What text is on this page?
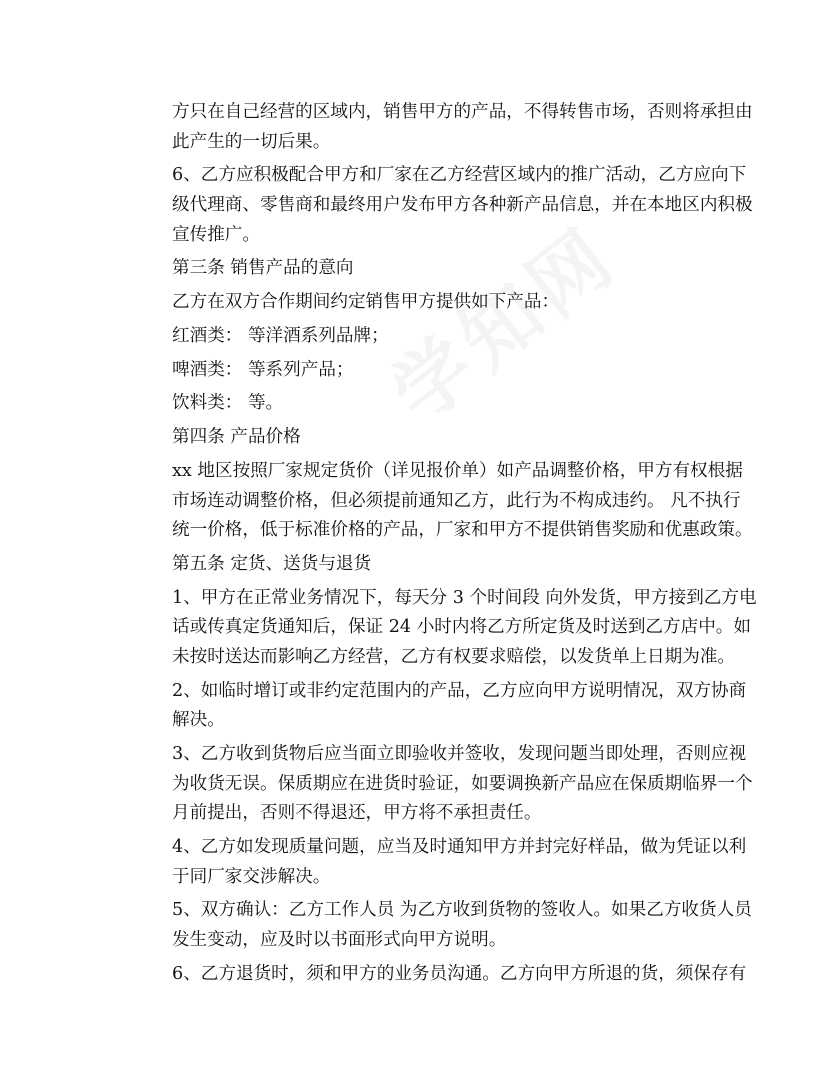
方只在自己经营的区域内，销售甲方的产品，不得转售市场，否则将承担由
此产生的一切后果。
6、乙方应积极配合甲方和厂家在乙方经营区域内的推广活动，乙方应向下
级代理商、零售商和最终用户发布甲方各种新产品信息，并在本地区内积极
宣传推广。
第三条 销售产品的意向
乙方在双方合作期间约定销售甲方提供如下产品：
红酒类： 等洋酒系列品牌；
啤酒类： 等系列产品；
饮料类： 等。
第四条 产品价格
xx 地区按照厂家规定货价（详见报价单）如产品调整价格，甲方有权根据
市场连动调整价格，但必须提前通知乙方，此行为不构成违约。 凡不执行
统一价格，低于标准价格的产品，厂家和甲方不提供销售奖励和优惠政策。
第五条 定货、送货与退货
1、甲方在正常业务情况下，每天分 3 个时间段 向外发货，甲方接到乙方电
话或传真定货通知后，保证 24 小时内将乙方所定货及时送到乙方店中。如
未按时送达而影响乙方经营，乙方有权要求赔偿，以发货单上日期为准。
2、如临时增订或非约定范围内的产品，乙方应向甲方说明情况，双方协商
解决。
3、乙方收到货物后应当面立即验收并签收，发现问题当即处理，否则应视
为收货无误。保质期应在进货时验证，如要调换新产品应在保质期临界一个
月前提出，否则不得退还，甲方将不承担责任。
4、乙方如发现质量问题，应当及时通知甲方并封完好样品，做为凭证以利
于同厂家交涉解决。
5、双方确认：乙方工作人员 为乙方收到货物的签收人。如果乙方收货人员
发生变动，应及时以书面形式向甲方说明。
6、乙方退货时，须和甲方的业务员沟通。乙方向甲方所退的货，须保存有
